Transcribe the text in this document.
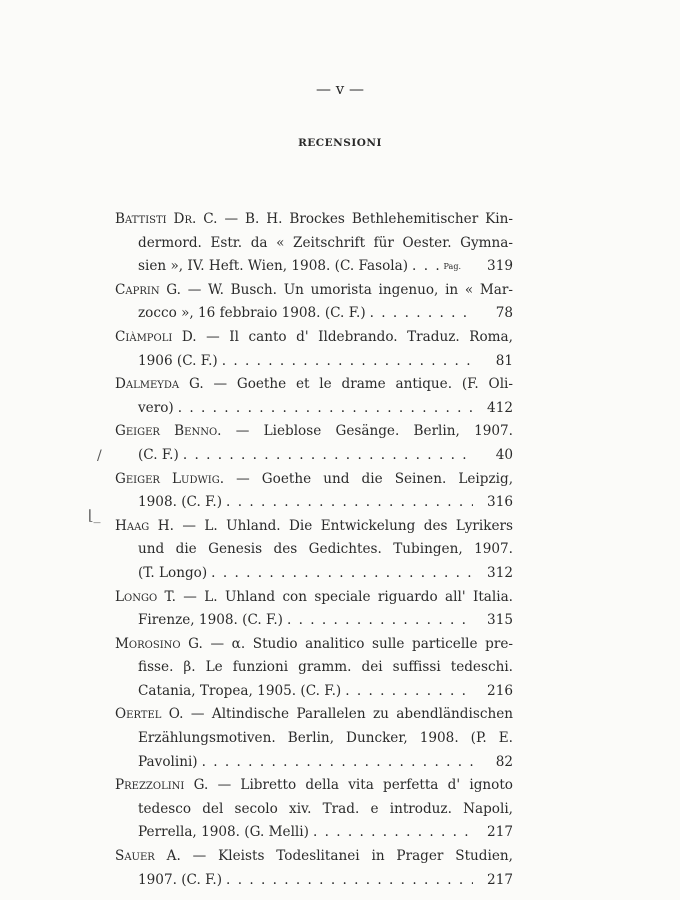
— v —
RECENSIONI
Battisti Dr. C. — B. H. Brockes Bethlehemitischer Kin-
dermord. Estr. da « Zeitschrift für Oester. Gymna-
sien », IV. Heft. Wien, 1908. (C. Fasola) . . .	Pag.	319
Caprin G. — W. Busch. Un umorista ingenuo, in « Mar-
zocco », 16 febbraio 1908. (C. F.) . . .	78
Ciàmpoli D. — Il canto d' Ildebrando. Traduz. Roma,
1906 (C. F.) . . .	81
Dalmeyda G. — Goethe et le drame antique. (F. Oli-
vero) . . .	412
Geiger Benno. — Lieblose Gesänge. Berlin, 1907.
(C. F.) . . .	40
Geiger Ludwig. — Goethe und die Seinen. Leipzig,
1908. (C. F.) . . .	316
Haag H. — L. Uhland. Die Entwickelung des Lyrikers
und die Genesis des Gedichtes. Tubingen, 1907.
(T. Longo) . . .	312
Longo T. — L. Uhland con speciale riguardo all' Italia.
Firenze, 1908. (C. F.) . . .	315
Morosino G. — α. Studio analitico sulle particelle pre-
fisse. β. Le funzioni gramm. dei suffissi tedeschi.
Catania, Tropea, 1905. (C. F.) . . .	216
Oertel O. — Altindische Parallelen zu abendländischen
Erzählungsmotiven. Berlin, Duncker, 1908. (P. E.
Pavolini) . . .	82
Prezzolini G. — Libretto della vita perfetta d' ignoto
tedesco del secolo xiv. Trad. e introduz. Napoli,
Perrella, 1908. (G. Melli) . . .	217
Sauer A. — Kleists Todeslitanei in Prager Studien,
1907. (C. F.) . . .	217
/
⌊_
